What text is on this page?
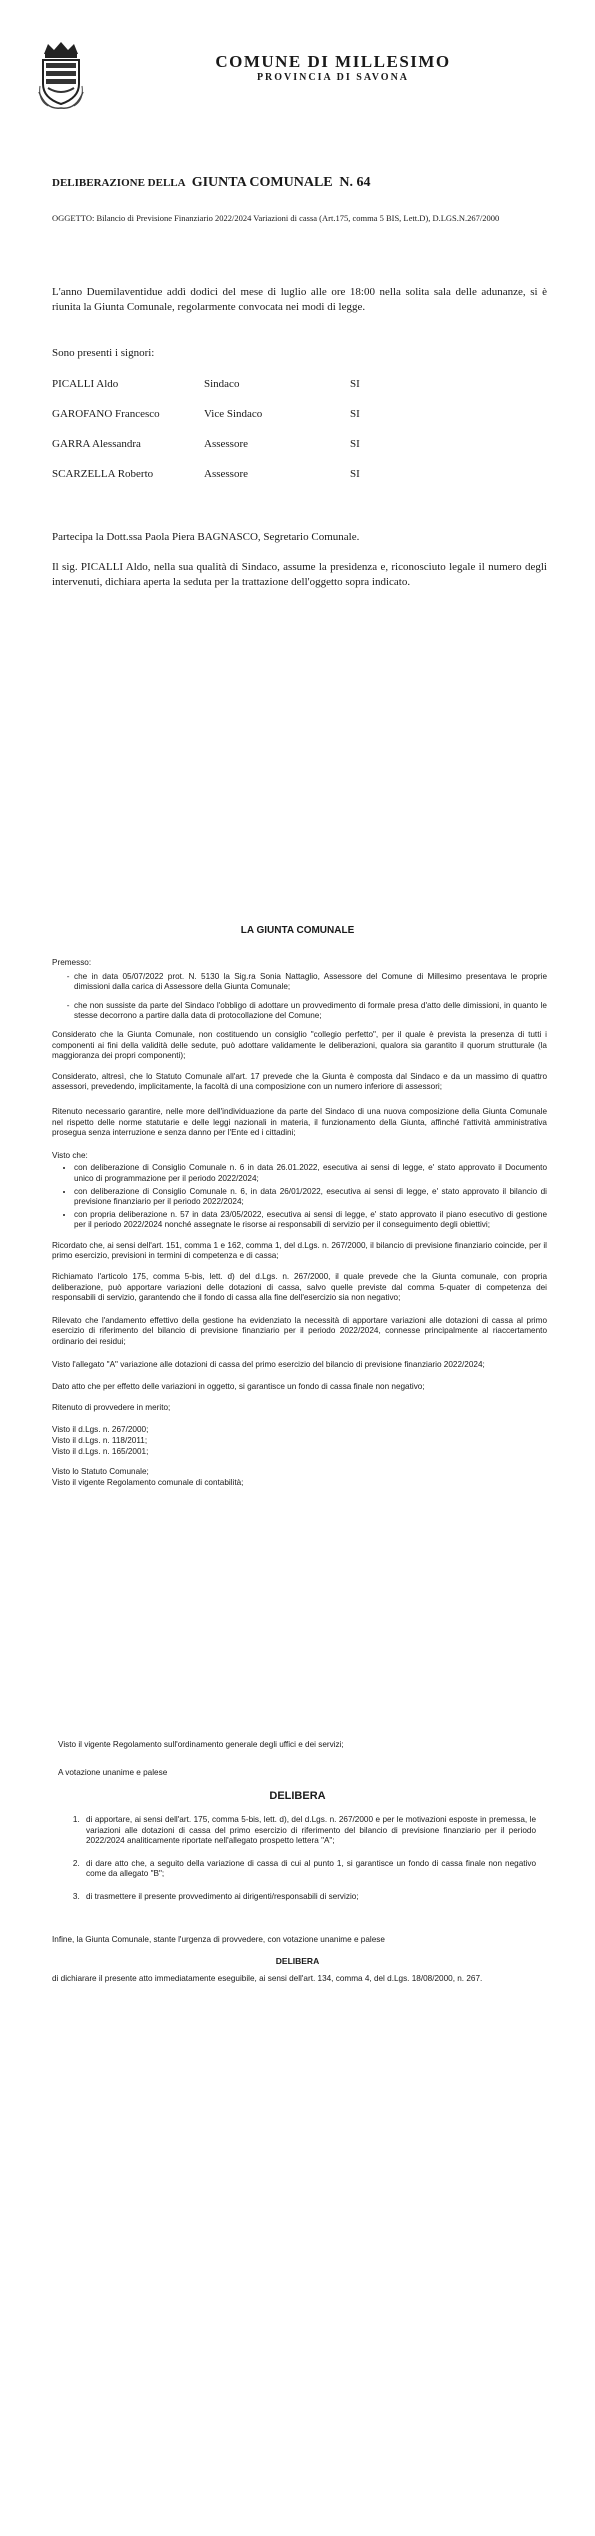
COMUNE DI MILLESIMO
PROVINCIA DI SAVONA
DELIBERAZIONE DELLA GIUNTA COMUNALE N. 64
OGGETTO: Bilancio di Previsione Finanziario 2022/2024 Variazioni di cassa (Art.175, comma 5 BIS, Lett.D), D.LGS.N.267/2000
L'anno Duemilaventidue addì dodici del mese di luglio alle ore 18:00 nella solita sala delle adunanze, si è riunita la Giunta Comunale, regolarmente convocata nei modi di legge.
Sono presenti i signori:
PICALLI Aldo	Sindaco	SI
GAROFANO Francesco	Vice Sindaco	SI
GARRA Alessandra	Assessore	SI
SCARZELLA Roberto	Assessore	SI
Partecipa la Dott.ssa Paola Piera BAGNASCO, Segretario Comunale.
Il sig. PICALLI Aldo, nella sua qualità di Sindaco, assume la presidenza e, riconosciuto legale il numero degli intervenuti, dichiara aperta la seduta per la trattazione dell'oggetto sopra indicato.
LA GIUNTA COMUNALE
Premesso:
- che in data 05/07/2022 prot. N. 5130 la Sig.ra Sonia Nattaglio, Assessore del Comune di Millesimo presentava le proprie dimissioni dalla carica di Assessore della Giunta Comunale;
- che non sussiste da parte del Sindaco l'obbligo di adottare un provvedimento di formale presa d'atto delle dimissioni, in quanto le stesse decorrono a partire dalla data di protocollazione del Comune;
Considerato che la Giunta Comunale, non costituendo un consiglio "collegio perfetto", per il quale è prevista la presenza di tutti i componenti ai fini della validità delle sedute, può adottare validamente le deliberazioni, qualora sia garantito il quorum strutturale (la maggioranza dei propri componenti);
Considerato, altresì, che lo Statuto Comunale all'art. 17 prevede che la Giunta è composta dal Sindaco e da un massimo di quattro assessori, prevedendo, implicitamente, la facoltà di una composizione con un numero inferiore di assessori;
Ritenuto necessario garantire, nelle more dell'individuazione da parte del Sindaco di una nuova composizione della Giunta Comunale nel rispetto delle norme statutarie e delle leggi nazionali in materia, il funzionamento della Giunta, affinché l'attività amministrativa prosegua senza interruzione e senza danno per l'Ente ed i cittadini;
Visto che:
• con deliberazione di Consiglio Comunale n. 6 in data 26.01.2022, esecutiva ai sensi di legge, e' stato approvato il Documento unico di programmazione per il periodo 2022/2024;
• con deliberazione di Consiglio Comunale n. 6, in data 26/01/2022, esecutiva ai sensi di legge, e' stato approvato il bilancio di previsione finanziario per il periodo 2022/2024;
• con propria deliberazione n. 57 in data 23/05/2022, esecutiva ai sensi di legge, e' stato approvato il piano esecutivo di gestione per il periodo 2022/2024 nonché assegnate le risorse ai responsabili di servizio per il conseguimento degli obiettivi;
Ricordato che, ai sensi dell'art. 151, comma 1 e 162, comma 1, del d.Lgs. n. 267/2000, il bilancio di previsione finanziario coincide, per il primo esercizio, previsioni in termini di competenza e di cassa;
Richiamato l'articolo 175, comma 5-bis, lett. d) del d.Lgs. n. 267/2000, il quale prevede che la Giunta comunale, con propria deliberazione, può apportare variazioni delle dotazioni di cassa, salvo quelle previste dal comma 5-quater di competenza dei responsabili di servizio, garantendo che il fondo di cassa alla fine dell'esercizio sia non negativo;
Rilevato che l'andamento effettivo della gestione ha evidenziato la necessità di apportare variazioni alle dotazioni di cassa al primo esercizio di riferimento del bilancio di previsione finanziario per il periodo 2022/2024, connesse principalmente al riaccertamento ordinario dei residui;
Visto l'allegato "A" variazione alle dotazioni di cassa del primo esercizio del bilancio di previsione finanziario 2022/2024;
Dato atto che per effetto delle variazioni in oggetto, si garantisce un fondo di cassa finale non negativo;
Ritenuto di provvedere in merito;
Visto il d.Lgs. n. 267/2000;
Visto il d.Lgs. n. 118/2011;
Visto il d.Lgs. n. 165/2001;
Visto lo Statuto Comunale;
Visto il vigente Regolamento comunale di contabilità;
Visto il vigente Regolamento sull'ordinamento generale degli uffici e dei servizi;
A votazione unanime e palese
DELIBERA
1. di apportare, ai sensi dell'art. 175, comma 5-bis, lett. d), del d.Lgs. n. 267/2000 e per le motivazioni esposte in premessa, le variazioni alle dotazioni di cassa del primo esercizio di riferimento del bilancio di previsione finanziario per il periodo 2022/2024 analiticamente riportate nell'allegato prospetto lettera "A";
2. di dare atto che, a seguito della variazione di cassa di cui al punto 1, si garantisce un fondo di cassa finale non negativo come da allegato "B";
3. di trasmettere il presente provvedimento ai dirigenti/responsabili di servizio;
Infine, la Giunta Comunale, stante l'urgenza di provvedere, con votazione unanime e palese
DELIBERA
di dichiarare il presente atto immediatamente eseguibile, ai sensi dell'art. 134, comma 4, del d.Lgs. 18/08/2000, n. 267.
